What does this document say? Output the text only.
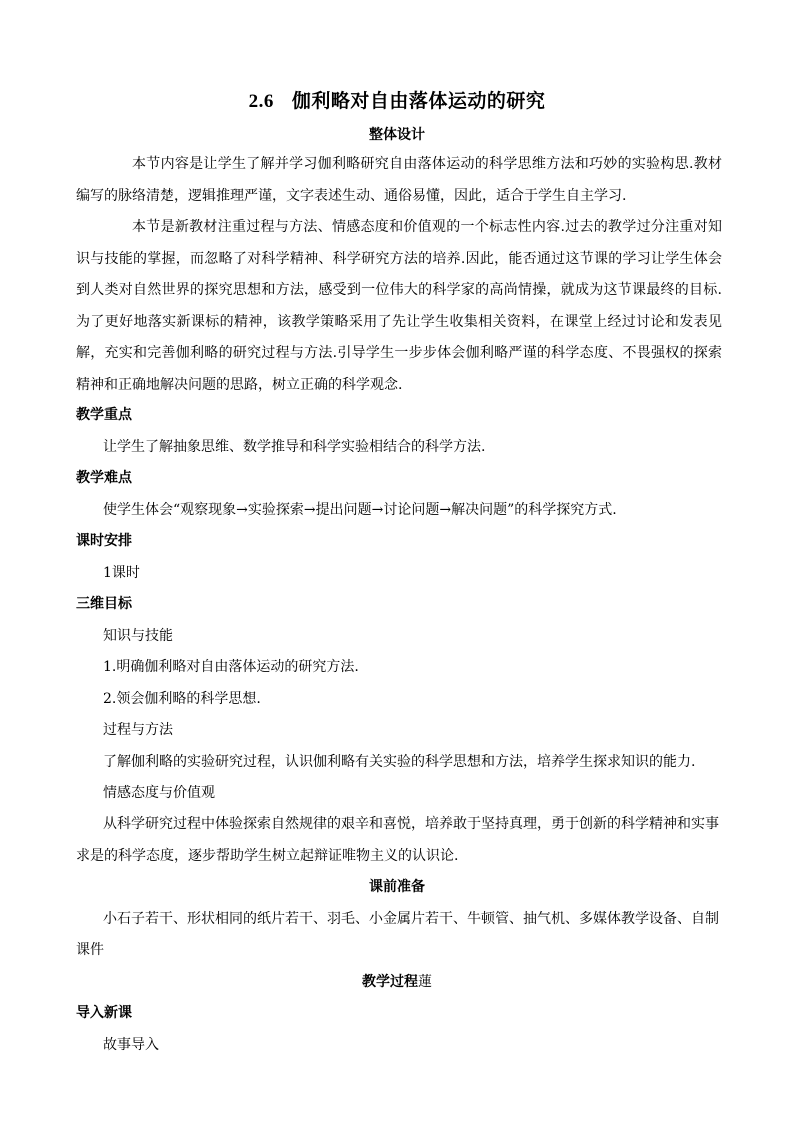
2.6 伽利略对自由落体运动的研究
整体设计
本节内容是让学生了解并学习伽利略研究自由落体运动的科学思维方法和巧妙的实验构思.教材编写的脉络清楚，逻辑推理严谨，文字表述生动、通俗易懂，因此，适合于学生自主学习.
本节是新教材注重过程与方法、情感态度和价值观的一个标志性内容.过去的教学过分注重对知识与技能的掌握，而忽略了对科学精神、科学研究方法的培养.因此，能否通过这节课的学习让学生体会到人类对自然世界的探究思想和方法，感受到一位伟大的科学家的高尚情操，就成为这节课最终的目标.为了更好地落实新课标的精神，该教学策略采用了先让学生收集相关资料，在课堂上经过讨论和发表见解，充实和完善伽利略的研究过程与方法.引导学生一步步体会伽利略严谨的科学态度、不畏强权的探索精神和正确地解决问题的思路，树立正确的科学观念.
教学重点
让学生了解抽象思维、数学推导和科学实验相结合的科学方法.
教学难点
使学生体会“观察现象→实验探索→提出问题→讨论问题→解决问题”的科学探究方式.
课时安排
1课时
三维目标
知识与技能
1.明确伽利略对自由落体运动的研究方法.
2.领会伽利略的科学思想.
过程与方法
了解伽利略的实验研究过程，认识伽利略有关实验的科学思想和方法，培养学生探求知识的能力.
情感态度与价值观
从科学研究过程中体验探索自然规律的艰辛和喜悦，培养敢于坚持真理，勇于创新的科学精神和实事
求是的科学态度，逐步帮助学生树立起辩证唯物主义的认识论.
课前准备
小石子若干、形状相同的纸片若干、羽毛、小金属片若干、牛顿管、抽气机、多媒体教学设备、自制
课件
教学过程蓮
导入新课
故事导入
